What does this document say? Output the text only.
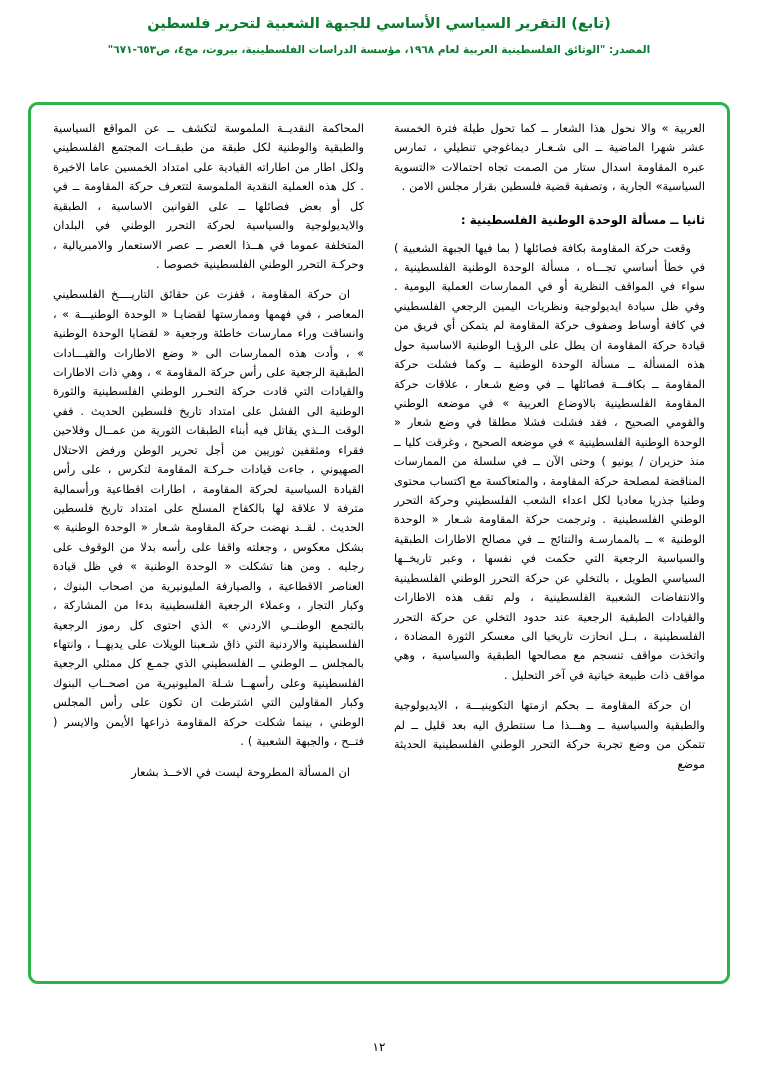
(تابع) التقرير السياسي الأساسي للجبهة الشعبية لتحرير فلسطين
المصدر: "الوثائق الفلسطينية العربية لعام ١٩٦٨، مؤسسة الدراسات الفلسطينية، بيروت، مج٤، ص٦٥٣-٦٧١"

العربية » والا نحول هذا الشعار ــ كما تحول طيلة فترة الخمسة عشر شهرا الماضية ــ الى شـعـار ديماغوجي تنطيلي ، تمارس عبره المقاومة اسدال ستار من الصمت تجاه احتمالات «التسوية السياسية» الجارية ، وتصفية قضية فلسطين بقرار مجلس الامن .

ثانيا ــ مسألة الوحدة الوطنية الفلسطينية :

وقعت حركة المقاومة بكافة فصائلها ( بما فيها الجبهة الشعبية ) في خطأ أساسي تجـــاه ، مسألة الوحدة الوطنية الفلسطينية ، سواء في المواقف النظرية أو في الممارسات العملية اليومية . وفي ظل سيادة ايديولوجية ونظريات اليمين الرجعي الفلسطيني في كافة أوساط وصفوف حركة المقاومة لم يتمكن أي فريق من قيادة حركة المقاومة ان يطل على الرؤيـا الوطنية الاساسية حول هذه المسألة ــ مسألة الوحدة الوطنية ــ وكما فشلت حركة المقاومة ــ بكافـــة فصائلها ــ في وضع شـعار ، علاقات حركة المقاومة الفلسطينية بالاوضاع العربية » في موضعه الوطني والقومي الصحيح ، فقد فشلت فشلا مطلقا في وضع شعار « الوحدة الوطنية الفلسطينية » في موضعه الصحيح ، وغرقت كليا ــ منذ حزيران / يونيو ) وحتى الآن ــ في سلسلة من الممارسات المناقضة لمصلحة حركة المقاومة ، والمتعاكسة مع اكتساب محتوى وطنيا جذريا معاديا لكل اعداء الشعب الفلسطيني وحركة التحرر الوطني الفلسطينية . وترجمت حركة المقاومة شـعار « الوحدة الوطنية » ــ بالممارسـة والنتائج ــ في مصالح الاطارات الطبقية والسياسية الرجعية التي حكمت في نفسها ، وعبر تاريخــها السياسي الطويل ، بالتخلي عن حركة التحرر الوطني الفلسطينية والانتفاضات الشعبية الفلسطينية ، ولم تقف هذه الاطارات والقيادات الطبقية الرجعية عند حدود التخلي عن حركة التحرر الفلسطينية ، بــل انحازت تاريخيا الى معسكر الثورة المضادة ، واتخذت مواقف تنسجم مع مصالحها الطبقية والسياسية ، وهي مواقف ذات طبيعة خيانية في آخر التحليل .

ان حركة المقاومة ــ بحكم ازمتها التكوينيـــة ، الايديولوجية والطبقية والسياسية ــ وهـــذا مـا سنتطرق اليه بعد قليل ــ لم تتمكن من وضع تجربة حركة التحرر الوطني الفلسطينية الحديثة موضع

المحاكمة النقديــة الملموسة لتكشف ــ عن المواقع السياسية والطبقية والوطنية لكل طبقة من طبقــات المجتمع الفلسطيني ولكل اطار من اطاراته القيادية على امتداد الخمسين عاما الاخيرة . كل هذه العملية النقدية الملموسة لتتعرف حركة المقاومة ــ في كل أو بعض فصائلها ــ على القوانين الاساسية ، الطبقية والايديولوجية والسياسية لحركة التحرر الوطني في البلدان المتخلفة عموما في هــذا العصر ــ عصر الاستعمار والامبريالية ، وحركـة التحرر الوطني الفلسطينية خصوصا .

ان حركة المقاومة ، قفزت عن حقائق التاريــــخ الفلسطيني المعاصر ، في فهمها وممارستها لقضايـا « الوحدة الوطنيـــة » ، وانساقت وراء ممارسات خاطئة ورجعية « لقضايا الوحدة الوطنية » ، وأدت هذه الممارسات الى « وضع الاطارات والقيـــادات الطبقية الرجعية على رأس حركة المقاومة » ، وهي ذات الاطارات والقيادات التي قادت حركة التحـرر الوطني الفلسطينية والثورة الوطنية الى الفشل على امتداد تاريخ فلسطين الحديث . ففي الوقت الــذي يقاتل فيه أبناء الطبقات الثورية من عمــال وفلاحين فقراء ومثقفين ثوريين من أجل تحرير الوطن ورفض الاحتلال الصهيوني ، جاءت قيادات حـركـة المقاومة لتكرس ، على رأس القيادة السياسية لحركة المقاومة ، اطارات اقطاعية ورأسمالية مترفة لا علاقة لها بالكفاح المسلح على امتداد تاريخ فلسطين الحديث . لقــد نهضت حركة المقاومة شـعار « الوحدة الوطنية » بشكل معكوس ، وجعلته واقفا على رأسه بدلا من الوقوف على رجليه . ومن هنا تشكلت « الوحدة الوطنية » في ظل قيادة العناصر الاقطاعية ، والصيارفة المليونيرية من اصحاب البنوك ، وكبار التجار ، وعملاء الرجعية الفلسطينية بدءا من المشاركة ، بالتجمع الوطنــي الاردني » الذي احتوى كل رموز الرجعية الفلسطينية والاردنية التي ذاق شـعبنا الويلات على يديهــا ، وانتهاء بالمجلس ــ الوطني ــ الفلسطيني الذي جمـع كل ممثلي الرجعية الفلسطينية وعلى رأسهــا شـلة المليونيرية من اصحــاب البنوك وكبار المقاولين التي اشترطت ان تكون على رأس المجلس الوطني ، بينما شكلت حركة المقاومة ذراعها الأيمن والايسر ( فتــح ، والجبهة الشعبية ) .

ان المسألة المطروحة ليست في الاخــذ بشعار

١٢
